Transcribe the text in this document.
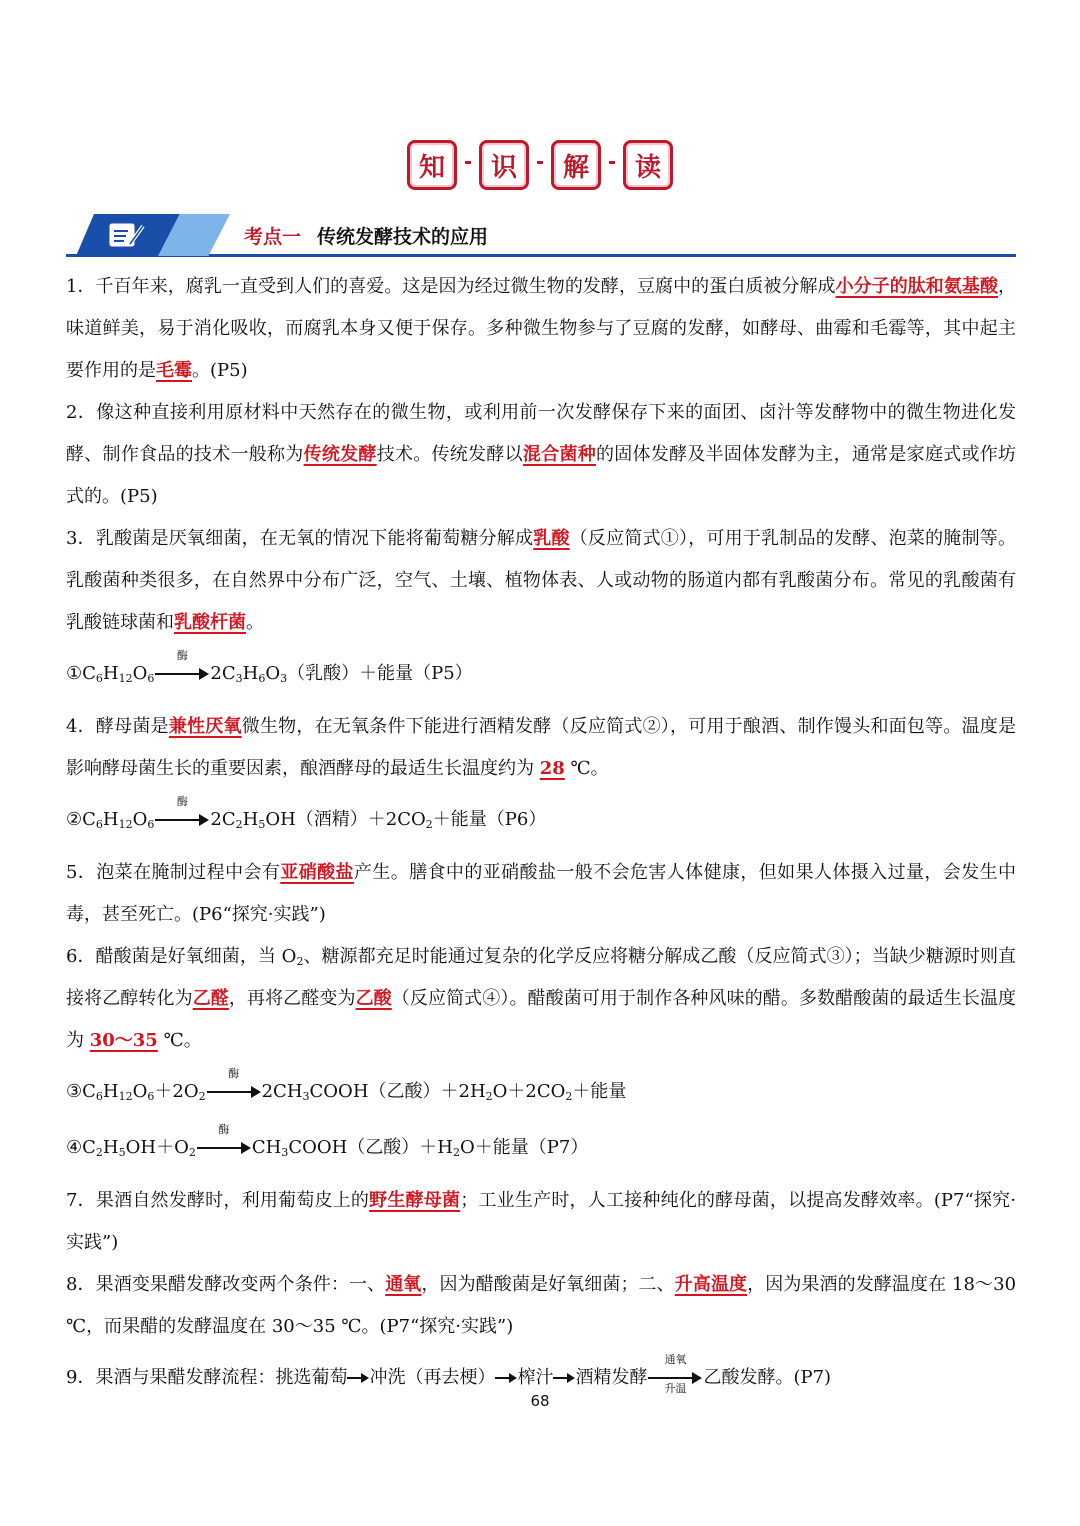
知	识	解	读
考点一 传统发酵技术的应用

1．千百年来，腐乳一直受到人们的喜爱。这是因为经过微生物的发酵，豆腐中的蛋白质被分解成小分子的肽和氨基酸，味道鲜美，易于消化吸收，而腐乳本身又便于保存。多种微生物参与了豆腐的发酵，如酵母、曲霉和毛霉等，其中起主要作用的是毛霉。(P5)

2．像这种直接利用原材料中天然存在的微生物，或利用前一次发酵保存下来的面团、卤汁等发酵物中的微生物进化发酵、制作食品的技术一般称为传统发酵技术。传统发酵以混合菌种的固体发酵及半固体发酵为主，通常是家庭式或作坊式的。(P5)

3．乳酸菌是厌氧细菌，在无氧的情况下能将葡萄糖分解成乳酸（反应简式①），可用于乳制品的发酵、泡菜的腌制等。乳酸菌种类很多，在自然界中分布广泛，空气、土壤、植物体表、人或动物的肠道内都有乳酸菌分布。常见的乳酸菌有乳酸链球菌和乳酸杆菌。

$①C_6H_{12}O_6$
酶
$2C_3H_6O_3$（乳酸）＋能量（P5）

4．酵母菌是兼性厌氧微生物，在无氧条件下能进行酒精发酵（反应简式②），可用于酿酒、制作馒头和面包等。温度是影响酵母菌生长的重要因素，酿酒酵母的最适生长温度约为 28 ℃。

$②C_6H_{12}O_6$
酶
$2C_2H_5OH$（酒精）$+2CO_2+$能量（P6）

5．泡菜在腌制过程中会有亚硝酸盐产生。膳食中的亚硝酸盐一般不会危害人体健康，但如果人体摄入过量，会发生中毒，甚至死亡。(P6“探究·实践”)

6．醋酸菌是好氧细菌，当 $O_2$、糖源都充足时能通过复杂的化学反应将糖分解成乙酸（反应简式③）；当缺少糖源时则直接将乙醇转化为乙醛，再将乙醛变为乙酸（反应简式④）。醋酸菌可用于制作各种风味的醋。多数醋酸菌的最适生长温度为 30～35 ℃。

$③C_6H_{12}O_6+2O_2$
酶
$2CH_3COOH$（乙酸）$+2H_2O+2CO_2+$能量

$④C_2H_5OH+O_2$
酶
$CH_3COOH$（乙酸）$+H_2O+$能量（P7）

7．果酒自然发酵时，利用葡萄皮上的野生酵母菌；工业生产时，人工接种纯化的酵母菌，以提高发酵效率。(P7“探究·实践”)

8．果酒变果醋发酵改变两个条件：一、通氧，因为醋酸菌是好氧细菌；二、升高温度，因为果酒的发酵温度在 18～30 ℃，而果醋的发酵温度在 30～35 ℃。(P7“探究·实践”)

9．果酒与果醋发酵流程：挑选葡萄 冲洗（再去梗） 榨汁 酒精发酵
通氧
升温
乙酸发酵。(P7)

68
